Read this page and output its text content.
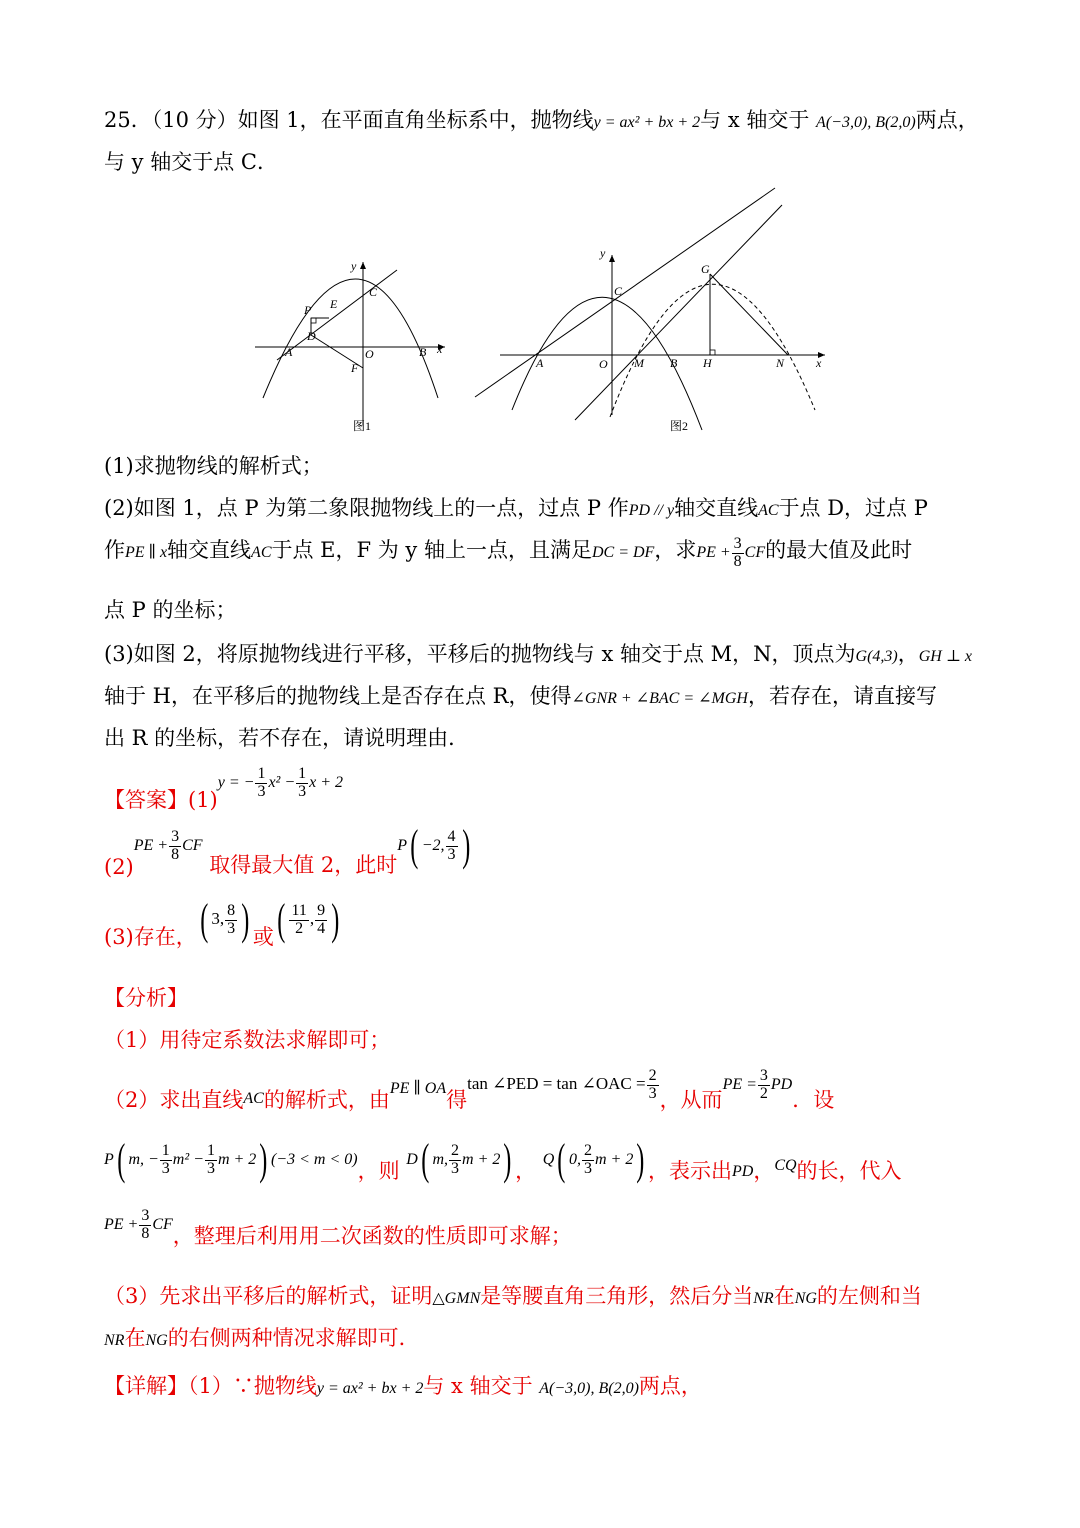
25．（10 分）如图 1，在平面直角坐标系中，抛物线y = ax² + bx + 2与 x 轴交于 A(−3,0), B(2,0)两点，
与 y 轴交于点 C．
y
x
C
P E
D
A	O	B
F
图1
y
x
G
C
A	O M B H	N
图2
(1)求抛物线的解析式；
(2)如图 1，点 P 为第二象限抛物线上的一点，过点 P 作PD // y轴交直线AC于点 D，过点 P
作PE ∥ x轴交直线AC于点 E，F 为 y 轴上一点，且满足DC = DF，求PE + $\frac{3}{8}$ CF的最大值及此时
点 P 的坐标；
(3)如图 2，将原抛物线进行平移，平移后的抛物线与 x 轴交于点 M，N，顶点为G(4,3)，GH ⊥ x
轴于 H，在平移后的抛物线上是否存在点 R，使得∠GNR + ∠BAC = ∠MGH，若存在，请直接写
出 R 的坐标，若不存在，请说明理由．
【答案】$(1)^{y = - \frac{1}{3} x^2 - \frac{1}{3} x + 2}$
$(2)^{PE + \frac{3}{8} CF}$ 取得最大值 2，此时$^{P( -2, \frac{4}{3} )}$
(3)存在，$^{( 3, \frac{8}{3} )}$ 或$^{( \frac{11}{2} , \frac{9}{4} )}$
【分析】
（1）用待定系数法求解即可；
（2）求出直线$_{AC}$的解析式，由PE ∥ OA得tan ∠PED = tan ∠OAC = $\frac{2}{3}$ ，从而PE = $\frac{3}{2}$ PD．设
P( m, − $\frac{1}{3} m^2 - \frac{1}{3}$ m + 2) (−3 < m < 0)，则 D( m, $\frac{2}{3}$ m + 2) ， Q( 0, $\frac{2}{3}$ m + 2) ，表示出$_{PD}$，$_{CQ}$的长，代入
PE + $\frac{3}{8}$ CF，整理后利用用二次函数的性质即可求解；
（3）先求出平移后的解析式，证明△GMN是等腰直角三角形，然后分当NR在NG的左侧和当
NR在NG的右侧两种情况求解即可．
【详解】（1）∵抛物线y = ax² + bx + 2与 x 轴交于 A(−3,0), B(2,0)两点，
